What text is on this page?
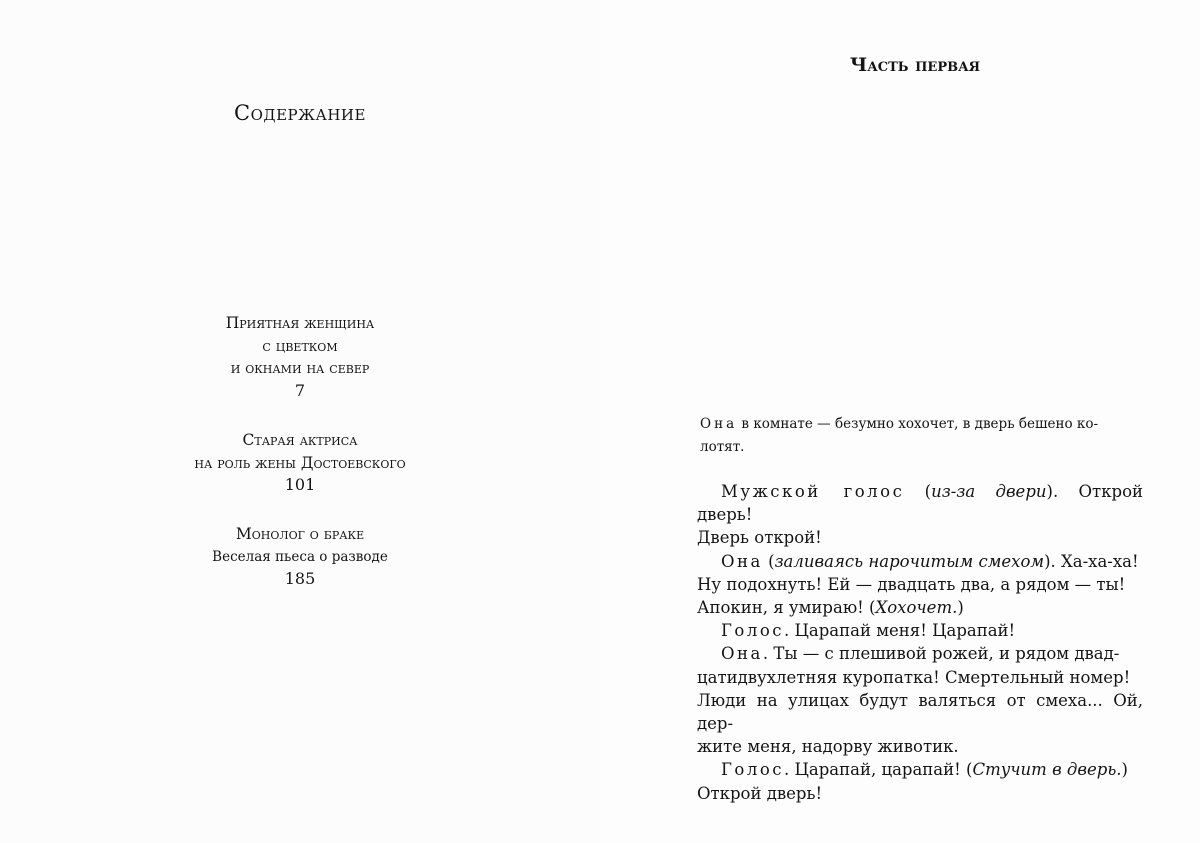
Содержание
Приятная женщина
с цветком
и окнами на север
7
Старая актриса
на роль жены Достоевского
101
Монолог о браке
Веселая пьеса о разводе
185
Часть первая
Она в комнате — безумно хохочет, в дверь бешено ко-
лотят.

Мужской голос (из-за двери). Открой дверь!

Дверь открой!

Она (заливаясь нарочитым смехом). Ха-ха-ха!

Ну подохнуть! Ей — двадцать два, а рядом — ты!

Апокин, я умираю! (Хохочет.)

Голос. Царапай меня! Царапай!

Она. Ты — с плешивой рожей, и рядом двад-

цатидвухлетняя куропатка! Смертельный номер!

Люди на улицах будут валяться от смеха... Ой, дер-

жите меня, надорву животик.

Голос. Царапай, царапай! (Стучит в дверь.)

Открой дверь!
